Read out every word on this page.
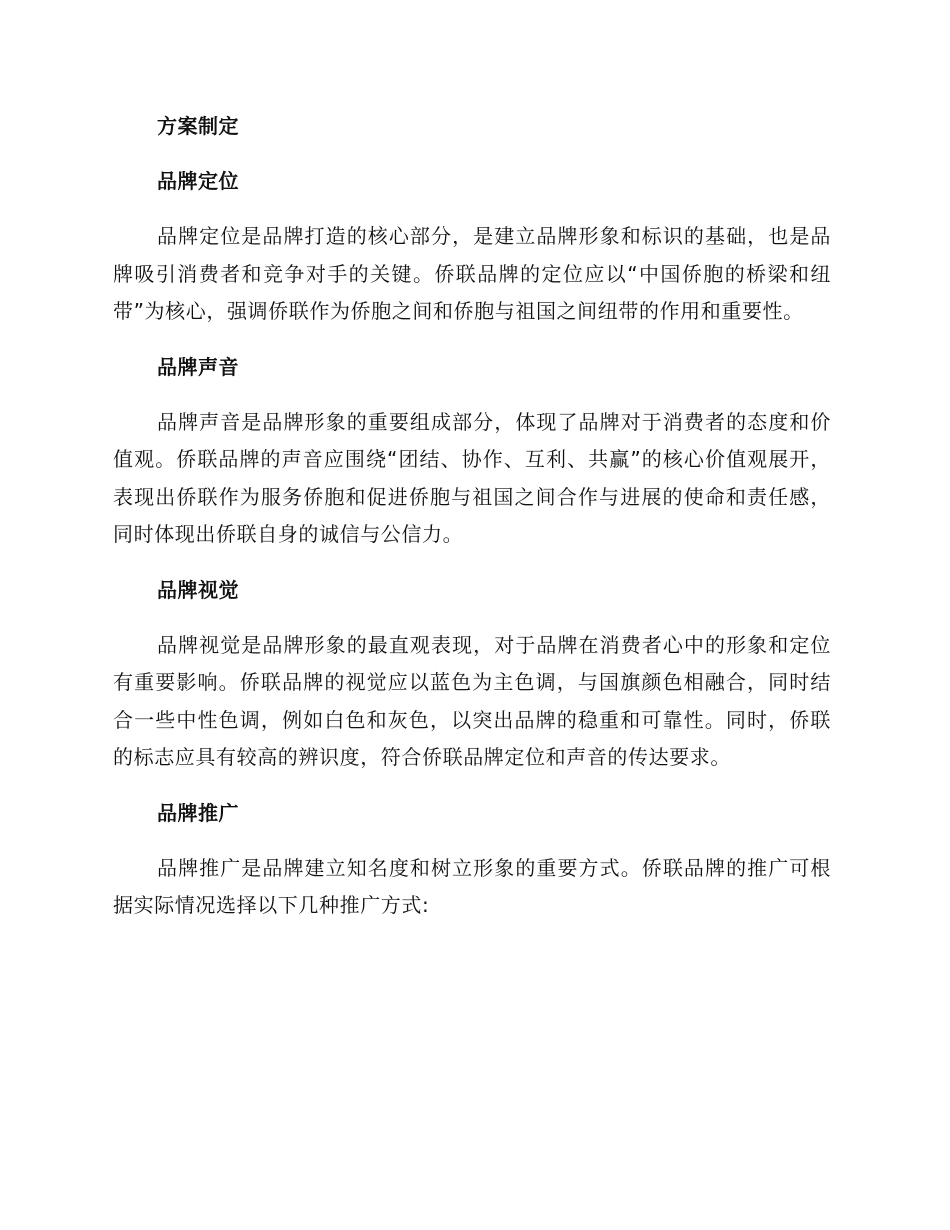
方案制定
品牌定位

品牌定位是品牌打造的核心部分，是建立品牌形象和标识的基础，也是品牌吸引消费者和竞争对手的关键。侨联品牌的定位应以“中国侨胞的桥梁和纽带”为核心，强调侨联作为侨胞之间和侨胞与祖国之间纽带的作用和重要性。

品牌声音

品牌声音是品牌形象的重要组成部分，体现了品牌对于消费者的态度和价值观。侨联品牌的声音应围绕“团结、协作、互利、共赢”的核心价值观展开，表现出侨联作为服务侨胞和促进侨胞与祖国之间合作与进展的使命和责任感，同时体现出侨联自身的诚信与公信力。

品牌视觉

品牌视觉是品牌形象的最直观表现，对于品牌在消费者心中的形象和定位有重要影响。侨联品牌的视觉应以蓝色为主色调，与国旗颜色相融合，同时结合一些中性色调，例如白色和灰色，以突出品牌的稳重和可靠性。同时，侨联的标志应具有较高的辨识度，符合侨联品牌定位和声音的传达要求。

品牌推广

品牌推广是品牌建立知名度和树立形象的重要方式。侨联品牌的推广可根据实际情况选择以下几种推广方式:
